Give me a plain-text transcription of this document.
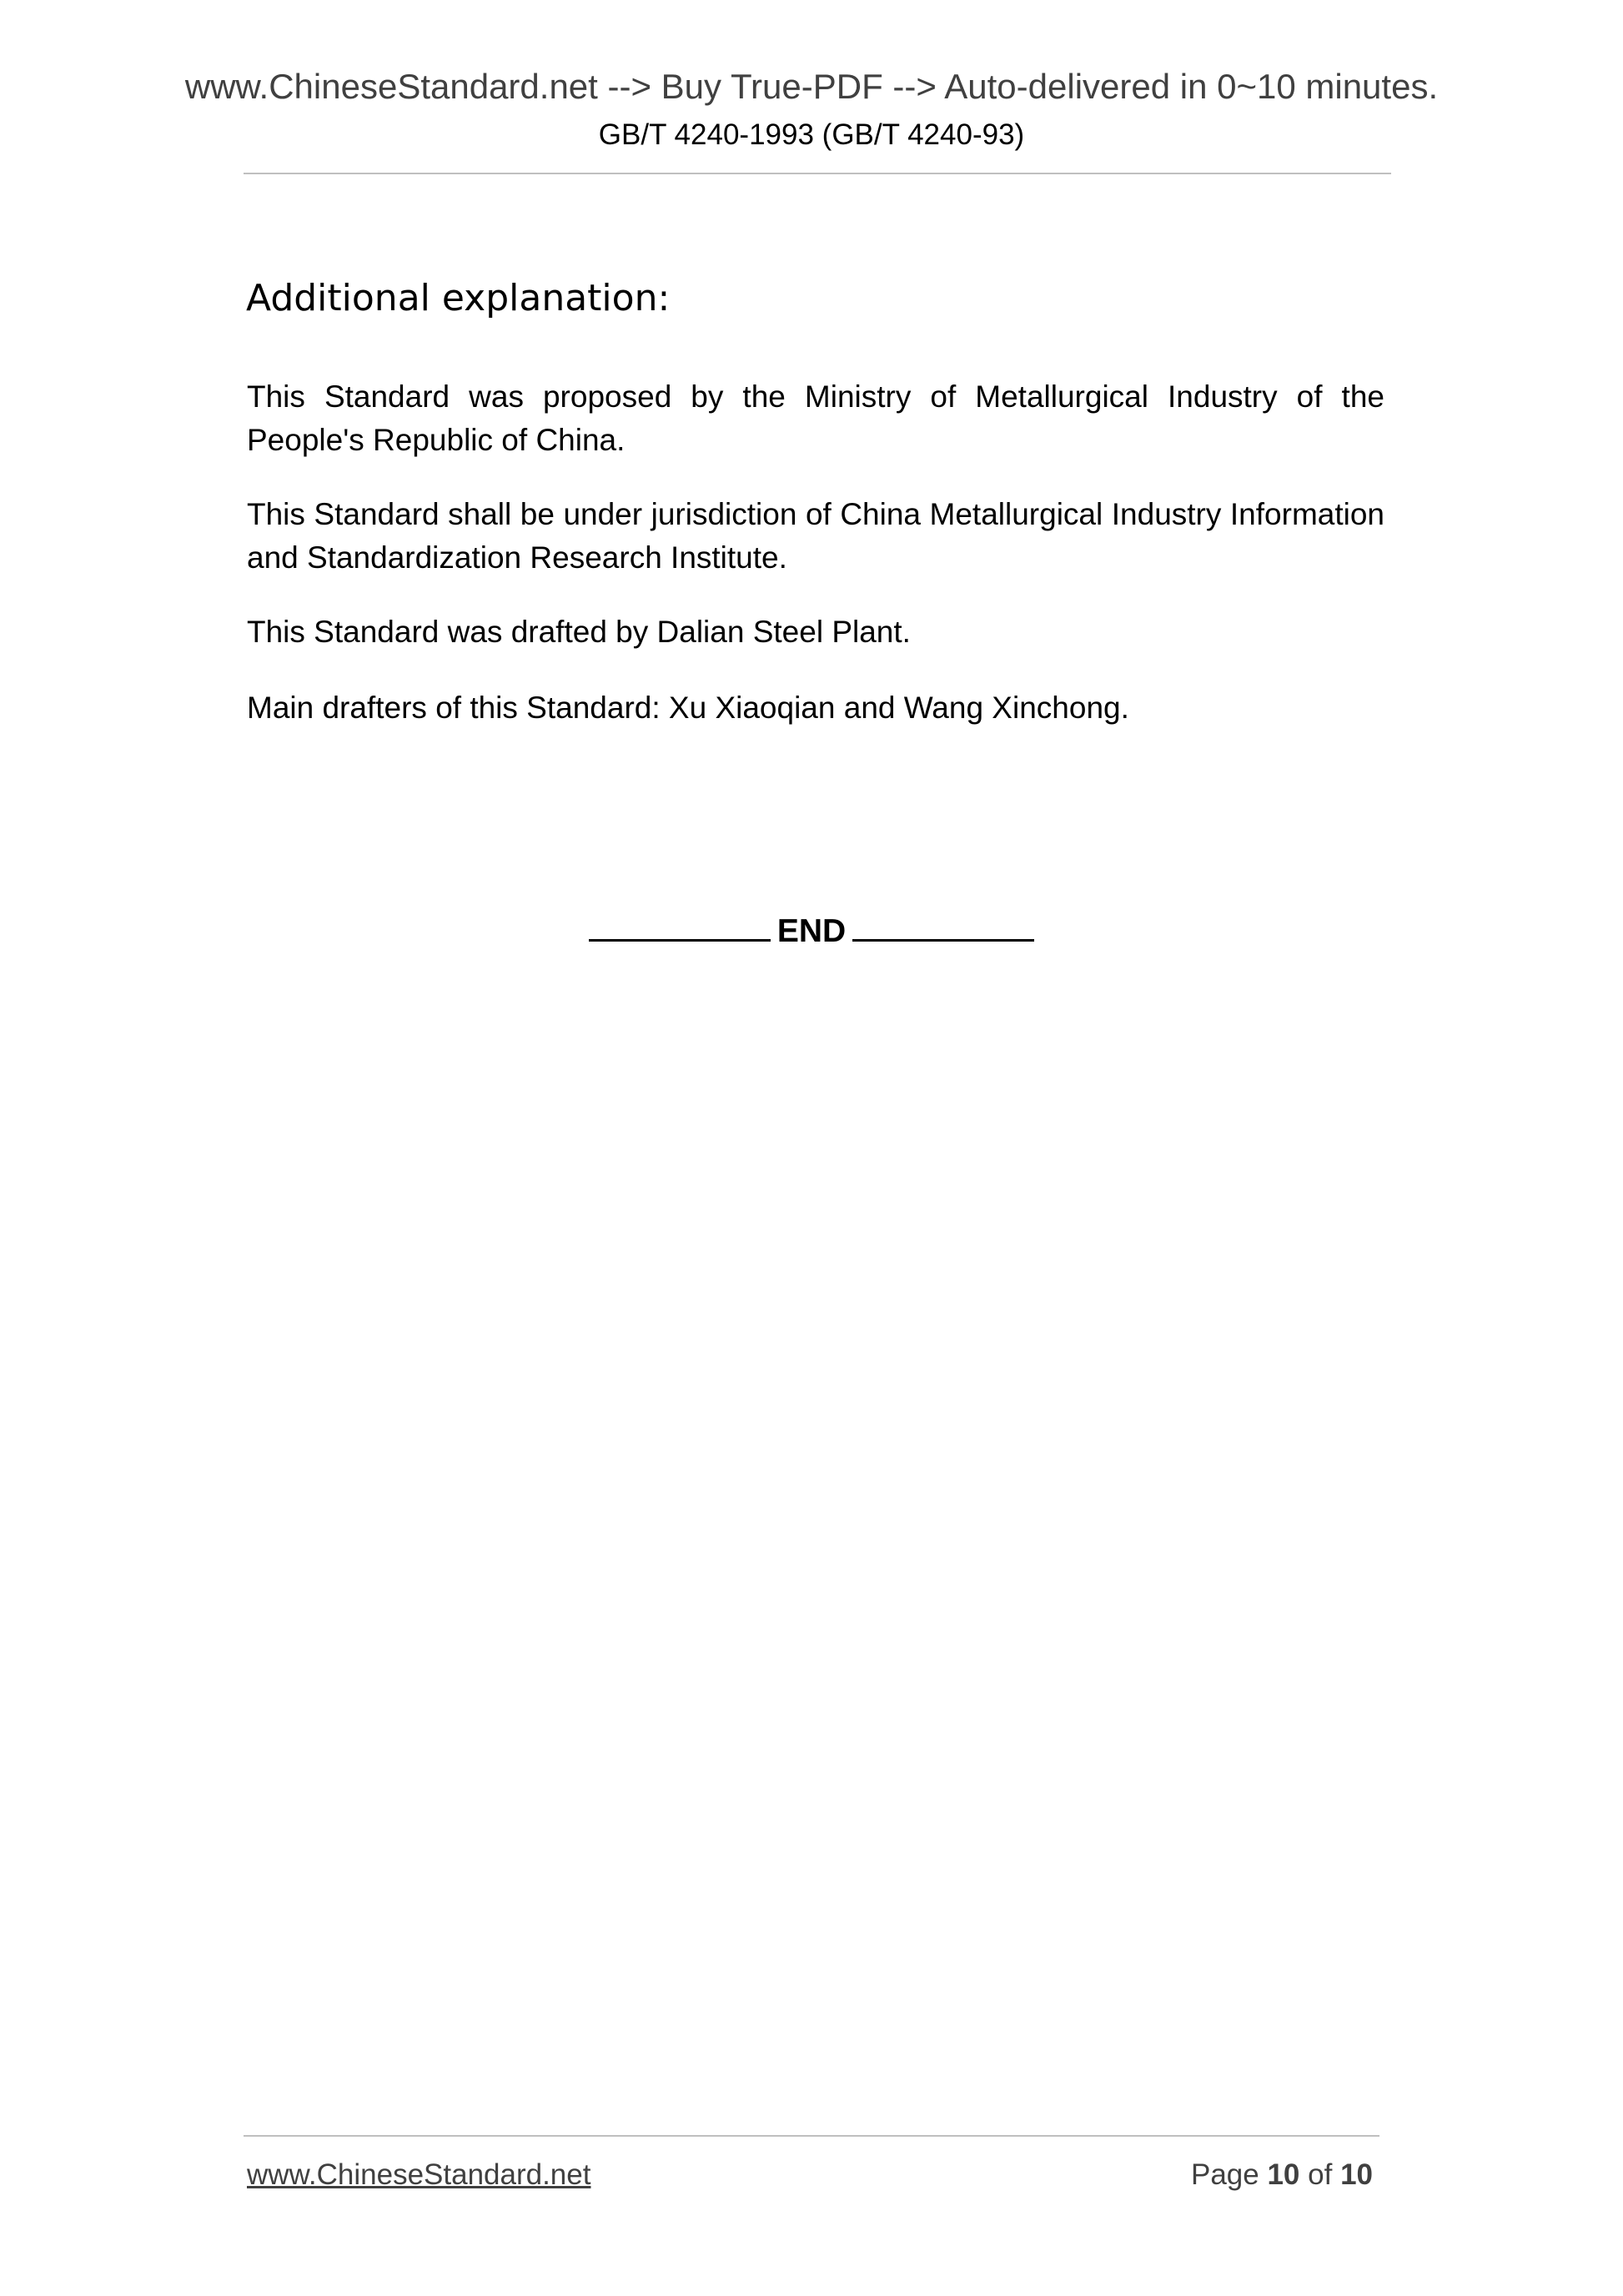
www.ChineseStandard.net --> Buy True-PDF --> Auto-delivered in 0~10 minutes.
GB/T 4240-1993 (GB/T 4240-93)
Additional explanation:

This Standard was proposed by the Ministry of Metallurgical Industry of the People's Republic of China.

This Standard shall be under jurisdiction of China Metallurgical Industry Information and Standardization Research Institute.

This Standard was drafted by Dalian Steel Plant.

Main drafters of this Standard: Xu Xiaoqian and Wang Xinchong.

END
www.ChineseStandard.net	Page 10 of 10
